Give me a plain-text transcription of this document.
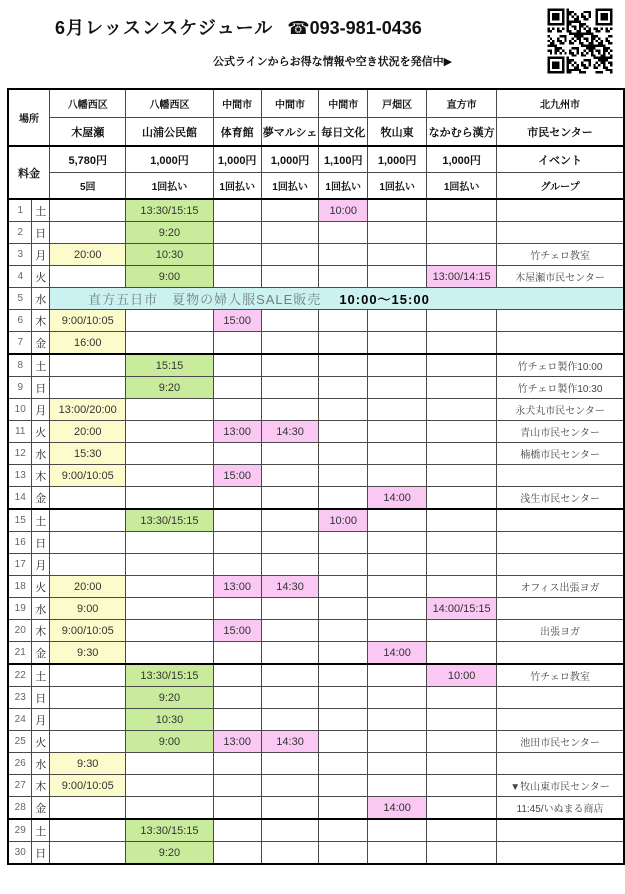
6月レッスンスケジュール ☎093-981-0436
公式ラインからお得な情報や空き状況を発信中▶
場所		八幡西区	八幡西区	中間市	中間市	中間市	戸畑区	直方市	北九州市
		木屋瀬	山浦公民館	体育館	夢マルシェ	毎日文化	牧山東	なかむら漢方	市民センター
料金		5,780円	1,000円	1,000円	1,000円	1,100円	1,000円	1,000円	イベント
		5回	1回払い	1回払い	1回払い	1回払い	1回払い	1回払い	グループ
1	土		13:30/15:15			10:00			
2	日		9:20						
3	月	20:00	10:30						竹チェロ教室
4	火		9:00					13:00/14:15	木屋瀬市民センター
5	水	直方五日市　夏物の婦人服SALE販売 10:00～15:00							
6	木	9:00/10:05		15:00					
7	金	16:00							
8	土		15:15						竹チェロ製作10:00
9	日		9:20						竹チェロ製作10:30
10	月	13:00/20:00							永犬丸市民センター
11	火	20:00		13:00	14:30				青山市民センター
12	水	15:30							楠橋市民センター
13	木	9:00/10:05		15:00					
14	金						14:00		浅生市民センター
15	土		13:30/15:15			10:00			
16	日								
17	月								
18	火	20:00		13:00	14:30				オフィス出張ヨガ
19	水	9:00						14:00/15:15	
20	木	9:00/10:05		15:00					出張ヨガ
21	金	9:30					14:00		
22	土		13:30/15:15					10:00	竹チェロ教室
23	日		9:20						
24	月		10:30						
25	火		9:00	13:00	14:30				池田市民センター
26	水	9:30							
27	木	9:00/10:05							▼牧山東市民センター
28	金						14:00		11:45/いぬまる商店
29	土		13:30/15:15						
30	日		9:20						
